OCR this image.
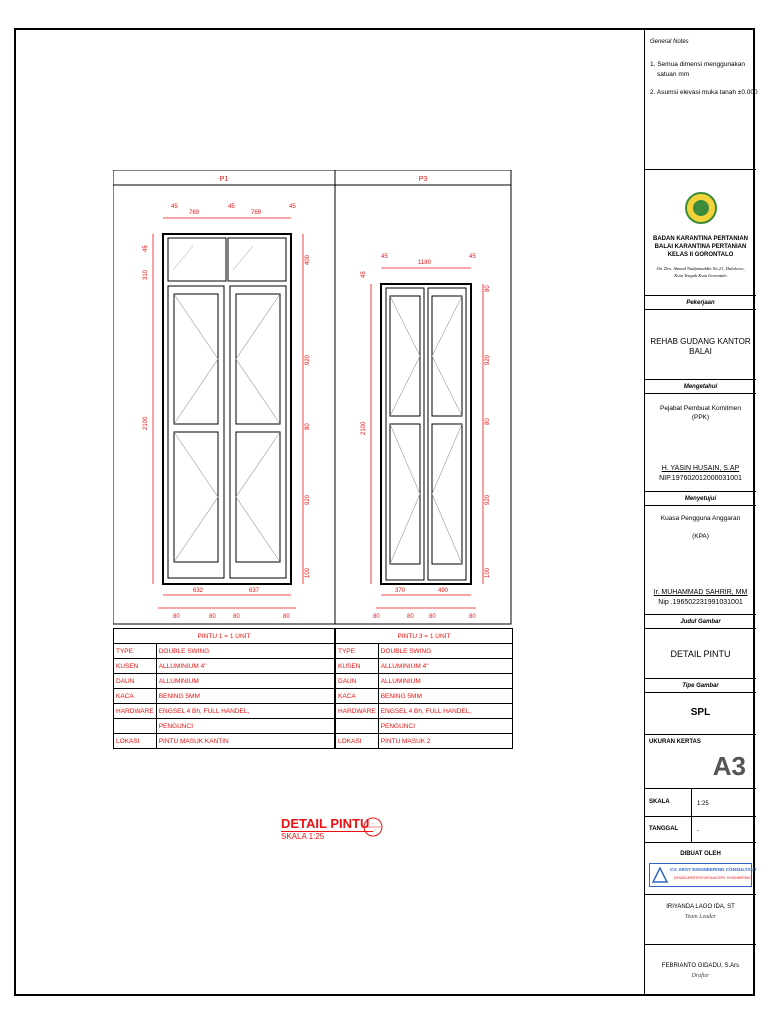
P1	P3
45
769
45
769
45
632	637
80	80	80	80
2100
45
310
400
920
80
920
100
45
1180
45
370	490
80	80	80	80
2100
45
80
920
80
920
100
PINTU 1 = 1 UNIT	
TYPE	DOUBLE SWING
KUSEN	ALLUMINIUM 4"
DAUN	ALLUMINIUM
KACA	BENING 5MM
HARDWARE	ENGSEL 4 Bh, FULL HANDEL,
	PENGUNCI
LOKASI	PINTU MASUK KANTIN
PINTU 3 = 1 UNIT	
TYPE	DOUBLE SWING
KUSEN	ALLUMINIUM 4"
DAUN	ALLUMINIUM
KACA	BENING 5MM
HARDWARE	ENGSEL 4 Bh, FULL HANDEL,
	PENGUNCI
LOKASI	PINTU MASUK 2
DETAIL PINTU
SKALA 1:25
-
General Notes
1. Semua dimensi menggunakan
satuan mm
2. Asumsi elevasi muka tanah ±0.000
BADAN KARANTINA PERTANIAN
BALAI KARANTINA PERTANIAN
KELAS II GORONTALO
Jln. Drs. Ahmad Nadjamuddin No.21, Dulalowo,
Kota Tengah Kota Gorontalo
Pekerjaan
REHAB GUDANG KANTOR
BALAI
Mengetahui
Pejabat Pembuat Komitmen
(PPK)
H. YASIN HUSAIN, S.AP
NIP.197602012000031001
Menyetujui
Kuasa Pengguna Anggaran
(KPA)
Ir. MUHAMMAD SAHRIR, MM
Nip .196502231991031001
Judul Gambar
DETAIL PINTU
Tipe Gambar
SPL
UKURAN KERTAS
A3
SKALA	1:25
TANGGAL	-
DIBUAT OLEH
CV. ARSY ENGINEERING CONSULTANT
DESAIN ARSITEKTUR DAN SIPIL ENGINEERING
IRIYANDA LAGO IDA, ST
Team Leader
FEBRIANTO GIDADU, S.Ars
Drafter
